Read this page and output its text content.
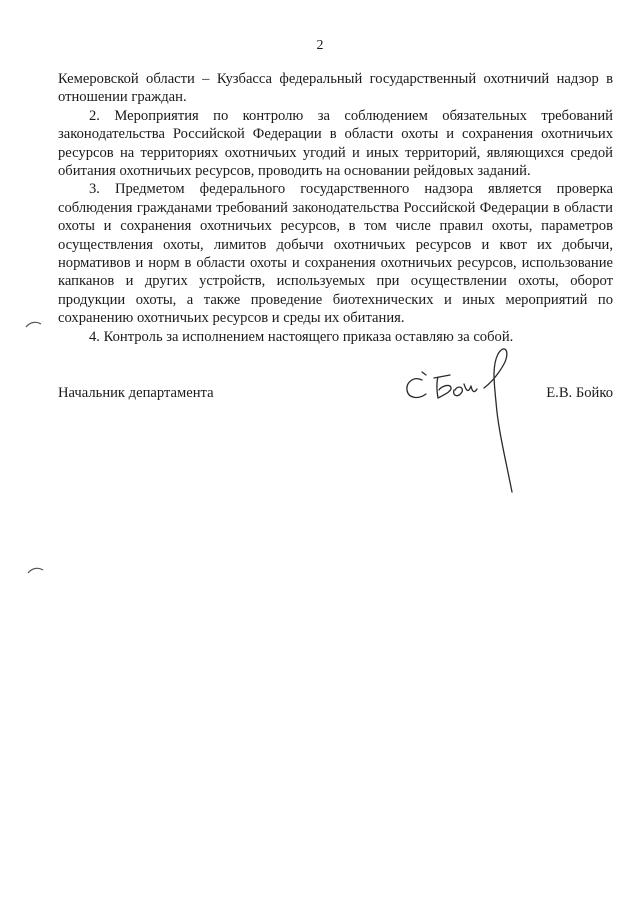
2

Кемеровской области – Кузбасса федеральный государственный охотничий надзор в отношении граждан.

2. Мероприятия по контролю за соблюдением обязательных требований законодательства Российской Федерации в области охоты и сохранения охотничьих ресурсов на территориях охотничьих угодий и иных территорий, являющихся средой обитания охотничьих ресурсов, проводить на основании рейдовых заданий.

3. Предметом федерального государственного надзора является проверка соблюдения гражданами требований законодательства Российской Федерации в области охоты и сохранения охотничьих ресурсов, в том числе правил охоты, параметров осуществления охоты, лимитов добычи охотничьих ресурсов и квот их добычи, нормативов и норм в области охоты и сохранения охотничьих ресурсов, использование капканов и других устройств, используемых при осуществлении охоты, оборот продукции охоты, а также проведение биотехнических и иных мероприятий по сохранению охотничьих ресурсов и среды их обитания.

4. Контроль за исполнением настоящего приказа оставляю за собой.

Начальник департамента	Е.В. Бойко
